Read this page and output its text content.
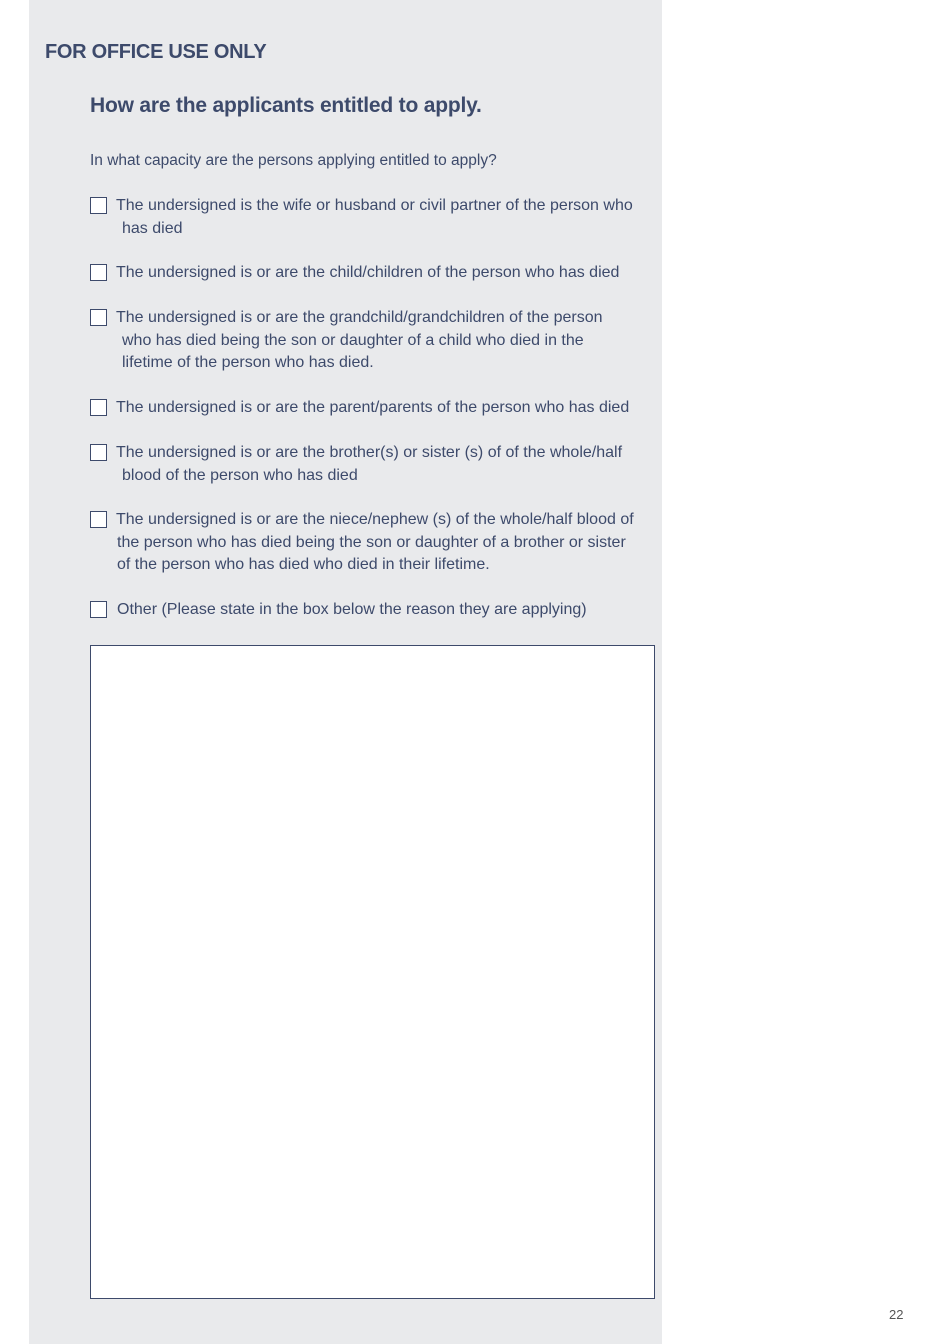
FOR OFFICE USE ONLY
How are the applicants entitled to apply.
In what capacity are the persons applying entitled to apply?
The undersigned is the wife or husband or civil partner of the person who
has died
The undersigned is or are the child/children of the person who has died
The undersigned is or are the grandchild/grandchildren of the person
who has died being the son or daughter of a child who died in the
lifetime of the person who has died.
The undersigned is or are the parent/parents of the person who has died
The undersigned is or are the brother(s) or sister (s) of of the whole/half
blood of the person who has died
The undersigned is or are the niece/nephew (s) of the whole/half blood of
the person who has died being the son or daughter of a brother or sister
of the person who has died who died in their lifetime.
Other (Please state in the box below the reason they are applying)
22
